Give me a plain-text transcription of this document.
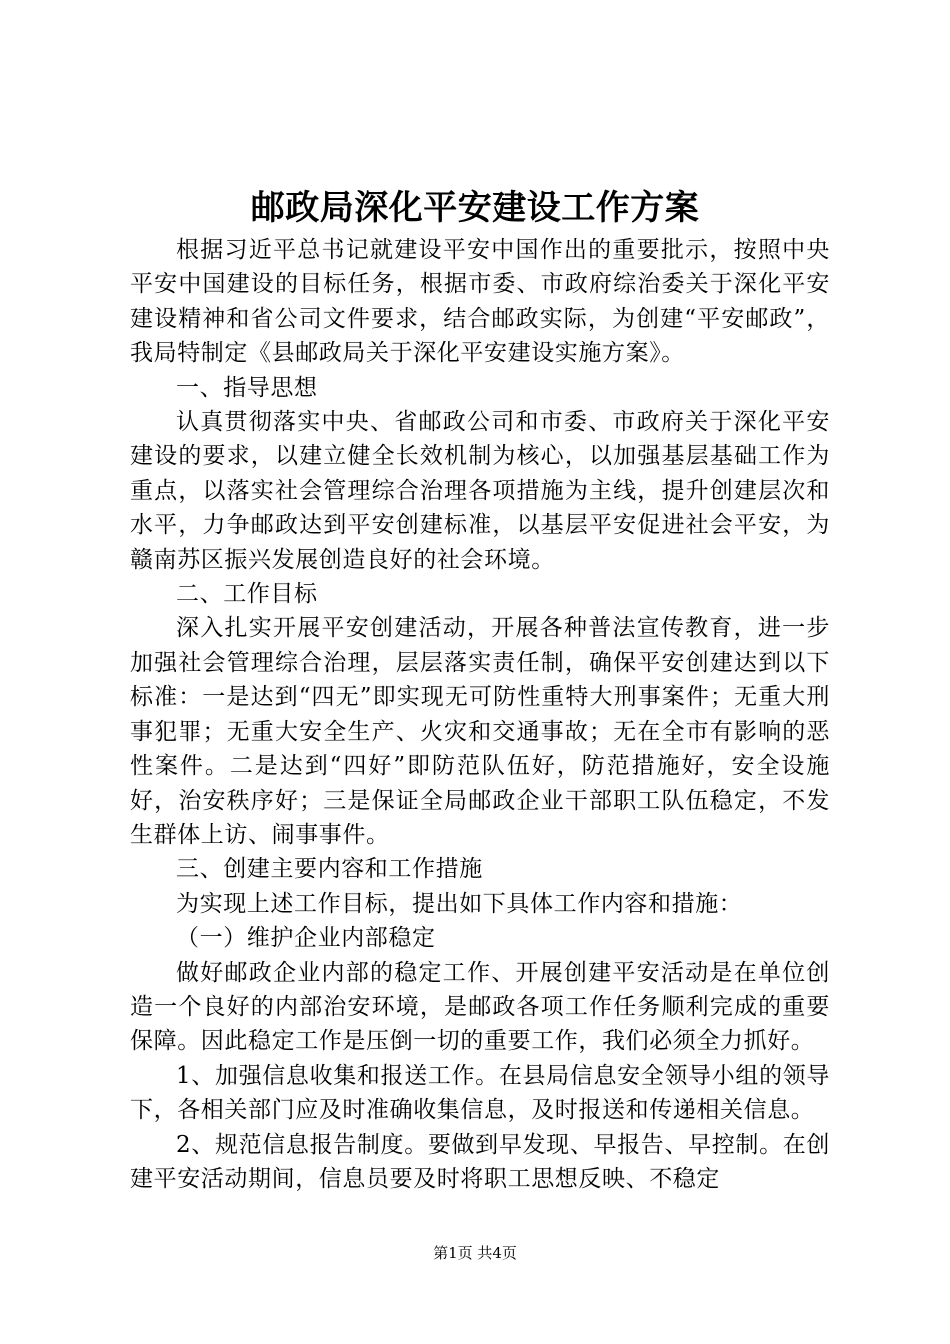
邮政局深化平安建设工作方案

根据习近平总书记就建设平安中国作出的重要批示，按照中央平安中国建设的目标任务，根据市委、市政府综治委关于深化平安建设精神和省公司文件要求，结合邮政实际，为创建“平安邮政”，我局特制定《县邮政局关于深化平安建设实施方案》。

一、指导思想

认真贯彻落实中央、省邮政公司和市委、市政府关于深化平安建设的要求，以建立健全长效机制为核心，以加强基层基础工作为重点，以落实社会管理综合治理各项措施为主线，提升创建层次和水平，力争邮政达到平安创建标准，以基层平安促进社会平安，为赣南苏区振兴发展创造良好的社会环境。

二、工作目标

深入扎实开展平安创建活动，开展各种普法宣传教育，进一步加强社会管理综合治理，层层落实责任制，确保平安创建达到以下标准：一是达到“四无”即实现无可防性重特大刑事案件；无重大刑事犯罪；无重大安全生产、火灾和交通事故；无在全市有影响的恶性案件。二是达到“四好”即防范队伍好，防范措施好，安全设施好，治安秩序好；三是保证全局邮政企业干部职工队伍稳定，不发生群体上访、闹事事件。

三、创建主要内容和工作措施

为实现上述工作目标，提出如下具体工作内容和措施：

（一）维护企业内部稳定

做好邮政企业内部的稳定工作、开展创建平安活动是在单位创造一个良好的内部治安环境，是邮政各项工作任务顺利完成的重要保障。因此稳定工作是压倒一切的重要工作，我们必须全力抓好。

1、加强信息收集和报送工作。在县局信息安全领导小组的领导下，各相关部门应及时准确收集信息，及时报送和传递相关信息。

2、规范信息报告制度。要做到早发现、早报告、早控制。在创建平安活动期间，信息员要及时将职工思想反映、不稳定

第1页 共4页
